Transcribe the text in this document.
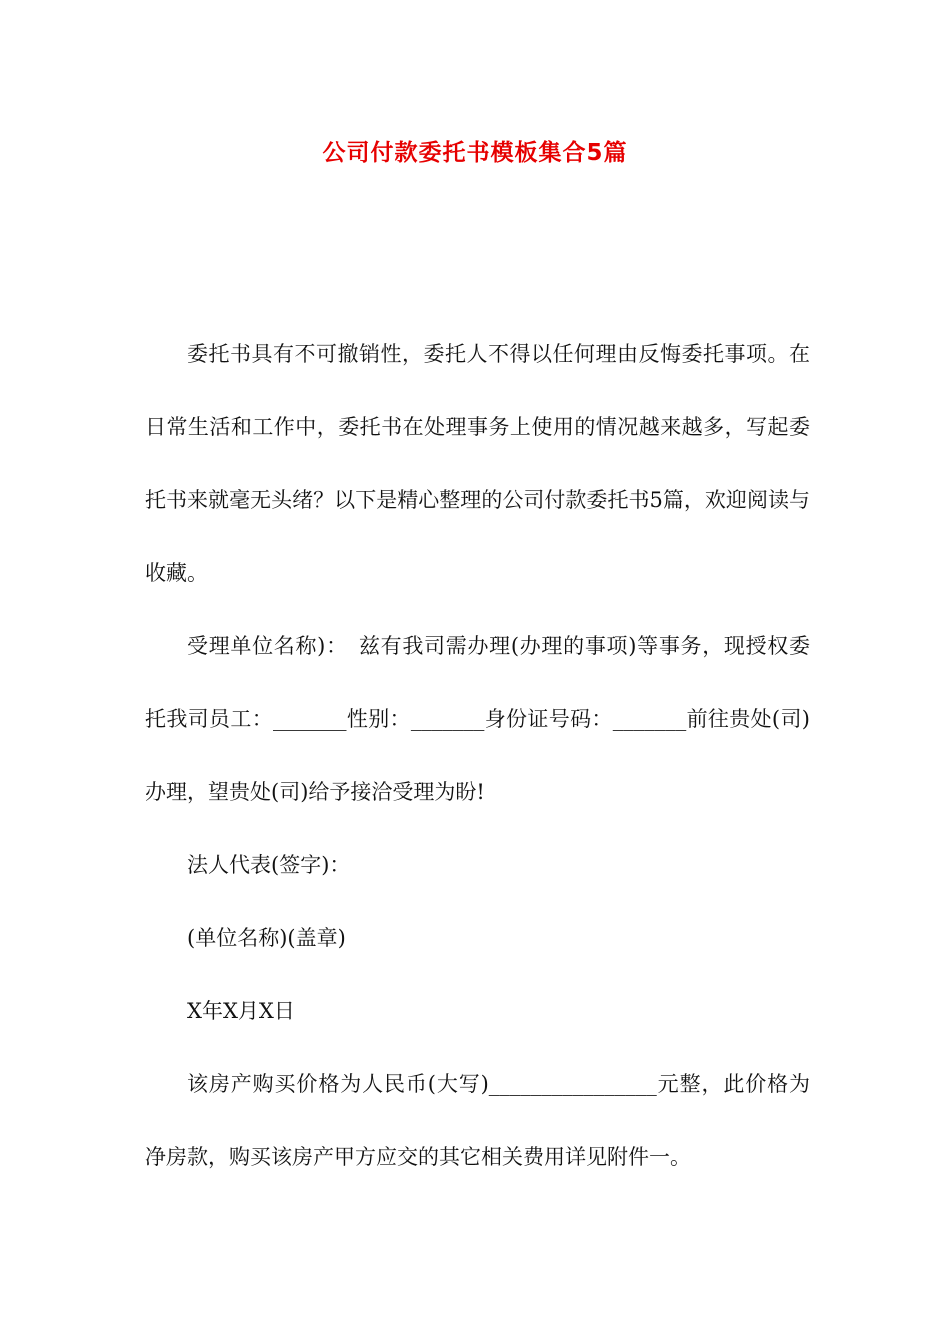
公司付款委托书模板集合5篇

委托书具有不可撤销性，委托人不得以任何理由反悔委托事项。在日常生活和工作中，委托书在处理事务上使用的情况越来越多，写起委托书来就毫无头绪？以下是精心整理的公司付款委托书5篇，欢迎阅读与收藏。

受理单位名称)：　兹有我司需办理(办理的事项)等事务，现授权委托我司员工：_______性别：_______身份证号码：_______前往贵处(司)办理，望贵处(司)给予接洽受理为盼!

法人代表(签字)：

(单位名称)(盖章)

X年X月X日

该房产购买价格为人民币(大写)________________元整，此价格为净房款，购买该房产甲方应交的其它相关费用详见附件一。
